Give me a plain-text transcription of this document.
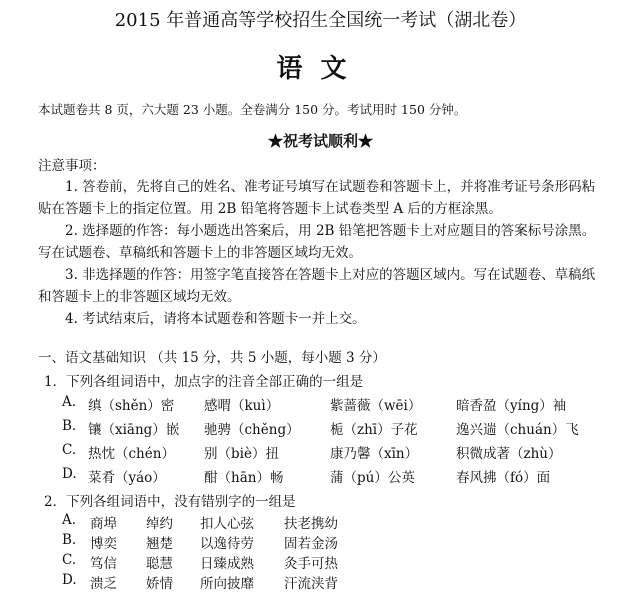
2015 年普通高等学校招生全国统一考试（湖北卷）
语文
本试题卷共 8 页，六大题 23 小题。全卷满分 150 分。考试用时 150 分钟。
★祝考试顺利★
注意事项：
1. 答卷前，先将自己的姓名、准考证号填写在试题卷和答题卡上，并将准考证号条形码粘贴在答题卡上的指定位置。用 2B 铅笔将答题卡上试卷类型 A 后的方框涂黑。
2. 选择题的作答：每小题选出答案后，用 2B 铅笔把答题卡上对应题目的答案标号涂黑。写在试题卷、草稿纸和答题卡上的非答题区域均无效。
3. 非选择题的作答：用签字笔直接答在答题卡上对应的答题区域内。写在试题卷、草稿纸和答题卡上的非答题区域均无效。
4. 考试结束后，请将本试题卷和答题卡一并上交。
一、语文基础知识 （共 15 分，共 5 小题，每小题 3 分）
1．下列各组词语中，加点字的注音全部正确的一组是
A. 缜（shěn）密 感喟（kuì）	紫蔷薇（wēi）	暗香盈（yíng）袖
B. 镶（xiāng）嵌 驰骋（chěng） 栀（zhī）子花	逸兴遄（chuán）飞
C. 热忱（chén） 别（biè）扭	康乃馨（xīn）	积微成著（zhù）
D. 菜肴（yáo）	酣（hān）畅	蒲（pú）公英	春风拂（fó）面
2．下列各组词语中，没有错别字的一组是
A. 商埠 绰约 扣人心弦 扶老携幼
B. 博奕 翘楚 以逸待劳 固若金汤
C. 笃信 聪慧 日臻成熟 灸手可热
D. 溃乏 娇情 所向披靡 汗流浃背
